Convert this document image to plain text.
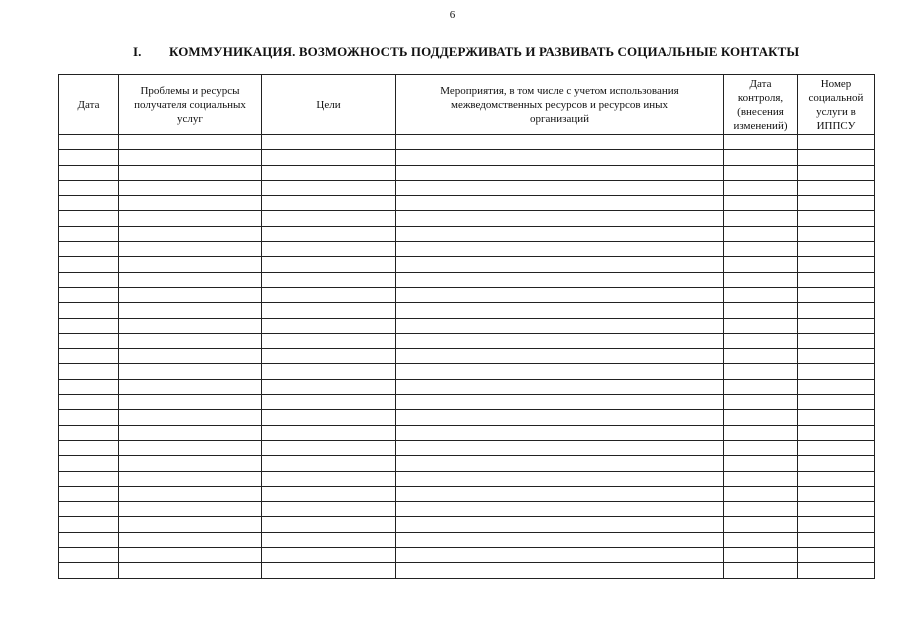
6
I. КОММУНИКАЦИЯ. ВОЗМОЖНОСТЬ ПОДДЕРЖИВАТЬ И РАЗВИВАТЬ СОЦИАЛЬНЫЕ КОНТАКТЫ
Дата	Проблемы и ресурсы получателя социальных услуг	Цели	Мероприятия, в том числе с учетом использования межведомственных ресурсов и ресурсов иных организаций	Дата контроля, (внесения изменений)	Номер социальной услуги в ИППСУ
